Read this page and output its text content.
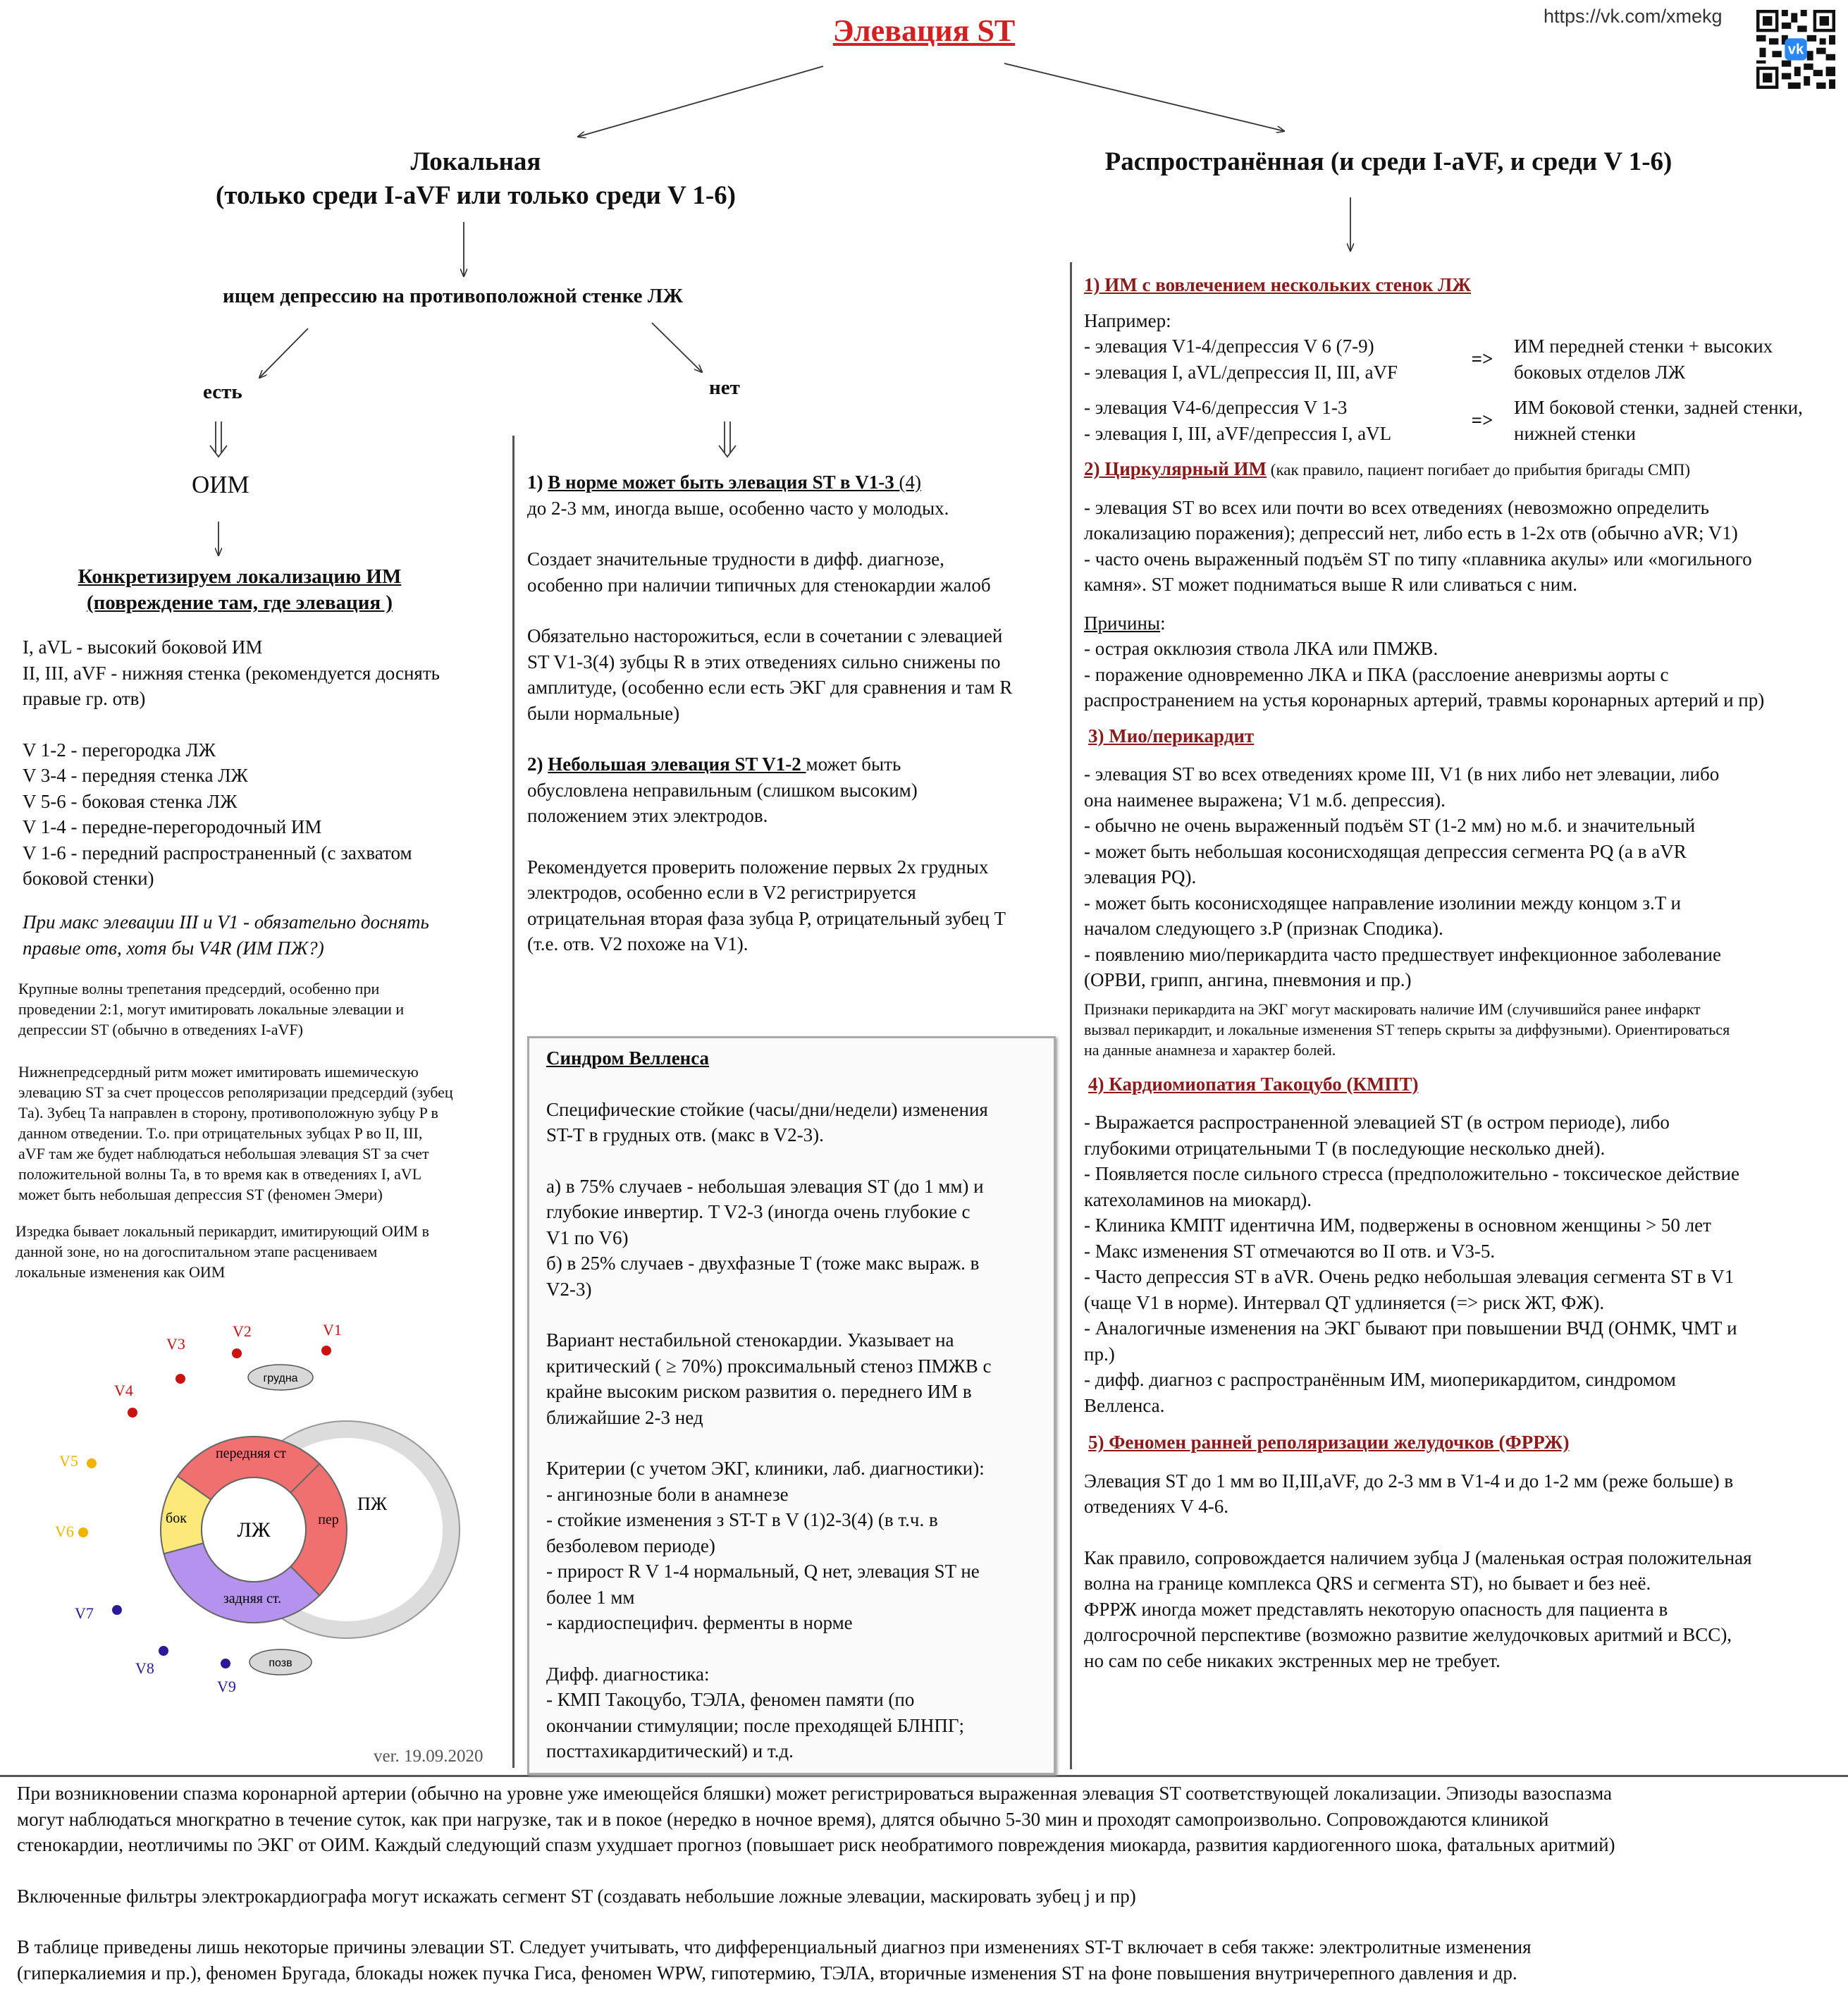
Элевация ST	https://vk.com/xmekg
vk
Локальная
(только среди I-aVF или только среди V 1-6)
ищем депрессию на противоположной стенке ЛЖ
есть	нет
ОИМ
Конкретизируем локализацию ИМ
(повреждение там, где элевация )
I, aVL - высокий боковой ИМ
II, III, aVF - нижняя стенка (рекомендуется доснять
правые гр. отв)
V 1-2 - перегородка ЛЖ
V 3-4 - передняя стенка ЛЖ
V 5-6 - боковая стенка ЛЖ
V 1-4 - передне-перегородочный ИМ
V 1-6 - передний распространенный (с захватом
боковой стенки)
При макс элевации III и V1 - обязательно доснять
правые отв, хотя бы V4R (ИМ ПЖ?)
Крупные волны трепетания предсердий, особенно при
проведении 2:1, могут имитировать локальные элевации и
депрессии ST (обычно в отведениях I-aVF)
Нижнепредсердный ритм может имитировать ишемическую
элевацию ST за счет процессов реполяризации предсердий (зубец
Та). Зубец Та направлен в сторону, противоположную зубцу P в
данном отведении. Т.о. при отрицательных зубцах P во II, III,
aVF там же будет наблюдаться небольшая элевация ST за счет
положительной волны Та, в то время как в отведениях I, aVL
может быть небольшая депрессия ST (феномен Эмери)
Изредка бывает локальный перикардит, имитирующий ОИМ в
данной зоне, но на догоспитальном этапе расцениваем
локальные изменения как ОИМ
ЛЖ
ПЖ
передняя ст
бок	пер
задняя ст.
грудна
позв
V1
V2
V3
V4
V5
V6
V7
V8
V9
1) В норме может быть элевация ST в V1-3 (4)
до 2-3 мм, иногда выше, особенно часто у молодых.
Создает значительные трудности в дифф. диагнозе,
особенно при наличии типичных для стенокардии жалоб
Обязательно насторожиться, если в сочетании с элевацией
ST V1-3(4) зубцы R в этих отведениях сильно снижены по
амплитуде, (особенно если есть ЭКГ для сравнения и там R
были нормальные)
2) Небольшая элевация ST V1-2 может быть
обусловлена неправильным (слишком высоким)
положением этих электродов.
Рекомендуется проверить положение первых 2х грудных
электродов, особенно если в V2 регистрируется
отрицательная вторая фаза зубца P, отрицательный зубец T
(т.е. отв. V2 похоже на V1).
Синдром Велленса
Специфические стойкие (часы/дни/недели) изменения
ST-T в грудных отв. (макс в V2-3).
а) в 75% случаев - небольшая элевация ST (до 1 мм) и
глубокие инвертир. T V2-3 (иногда очень глубокие с
V1 по V6)
б) в 25% случаев - двухфазные T (тоже макс выраж. в
V2-3)
Вариант нестабильной стенокардии. Указывает на
критический ( ≥ 70%) проксимальный стеноз ПМЖВ с
крайне высоким риском развития о. переднего ИМ в
ближайшие 2-3 нед
Критерии (с учетом ЭКГ, клиники, лаб. диагностики):
- ангинозные боли в анамнезе
- стойкие изменения з ST-T в V (1)2-3(4) (в т.ч. в
безболевом периоде)
- прирост R V 1-4 нормальный, Q нет, элевация ST не
более 1 мм
- кардиоспецифич. ферменты в норме
Дифф. диагностика:
- КМП Такоцубо, ТЭЛА, феномен памяти (по
окончании стимуляции; после преходящей БЛНПГ;
посттахикардитический) и т.д.
ver. 19.09.2020
Распространённая (и среди I-aVF, и среди V 1-6)
1) ИМ с вовлечением нескольких стенок ЛЖ
Например:
- элевация V1-4/депрессия V 6 (7-9)
- элевация I, aVL/депрессия II, III, aVF
=>
ИМ передней стенки + высоких
боковых отделов ЛЖ
- элевация V4-6/депрессия V 1-3
- элевация I, III, aVF/депрессия I, aVL
=>
ИМ боковой стенки, задней стенки,
нижней стенки
2) Циркулярный ИМ (как правило, пациент погибает до прибытия бригады СМП)
- элевация ST во всех или почти во всех отведениях (невозможно определить
локализацию поражения); депрессий нет, либо есть в 1-2х отв (обычно aVR; V1)
- часто очень выраженный подъём ST по типу «плавника акулы» или «могильного
камня». ST может подниматься выше R или сливаться с ним.
Причины:
- острая окклюзия ствола ЛКА или ПМЖВ.
- поражение одновременно ЛКА и ПКА (расслоение аневризмы аорты с
распространением на устья коронарных артерий, травмы коронарных артерий и пр)
3) Мио/перикардит
- элевация ST во всех отведениях кроме III, V1 (в них либо нет элевации, либо
она наименее выражена; V1 м.б. депрессия).
- обычно не очень выраженный подъём ST (1-2 мм) но м.б. и значительный
- может быть небольшая косонисходящая депрессия сегмента PQ (а в aVR
элевация PQ).
- может быть косонисходящее направление изолинии между концом з.T и
началом следующего з.P (признак Сподика).
- появлению мио/перикардита часто предшествует инфекционное заболевание
(ОРВИ, грипп, ангина, пневмония и пр.)
Признаки перикардита на ЭКГ могут маскировать наличие ИМ (случившийся ранее инфаркт
вызвал перикардит, и локальные изменения ST теперь скрыты за диффузными). Ориентироваться
на данные анамнеза и характер болей.
4) Кардиомиопатия Такоцубо (КМПТ)
- Выражается распространенной элевацией ST (в остром периоде), либо
глубокими отрицательными T (в последующие несколько дней).
- Появляется после сильного стресса (предположительно - токсическое действие
катехоламинов на миокард).
- Клиника КМПТ идентична ИМ, подвержены в основном женщины > 50 лет
- Макс изменения ST отмечаются во II отв. и V3-5.
- Часто депрессия ST в aVR. Очень редко небольшая элевация сегмента ST в V1
(чаще V1 в норме). Интервал QT удлиняется (=> риск ЖТ, ФЖ).
- Аналогичные изменения на ЭКГ бывают при повышении ВЧД (ОНМК, ЧМТ и
пр.)
- дифф. диагноз с распространённым ИМ, миоперикардитом, синдромом
Велленса.
5) Феномен ранней реполяризации желудочков (ФРРЖ)
Элевация ST до 1 мм во II,III,aVF, до 2-3 мм в V1-4 и до 1-2 мм (реже больше) в
отведениях V 4-6.
Как правило, сопровождается наличием зубца J (маленькая острая положительная
волна на границе комплекса QRS и сегмента ST), но бывает и без неё.
ФРРЖ иногда может представлять некоторую опасность для пациента в
долгосрочной перспективе (возможно развитие желудочковых аритмий и ВСС),
но сам по себе никаких экстренных мер не требует.
При возникновении спазма коронарной артерии (обычно на уровне уже имеющейся бляшки) может регистрироваться выраженная элевация ST соответствующей локализации. Эпизоды вазоспазма
могут наблюдаться многкратно в течение суток, как при нагрузке, так и в покое (нередко в ночное время), длятся обычно 5-30 мин и проходят самопроизвольно. Сопровождаются клиникой
стенокардии, неотличимы по ЭКГ от ОИМ. Каждый следующий спазм ухудшает прогноз (повышает риск необратимого повреждения миокарда, развития кардиогенного шока, фатальных аритмий)
Включенные фильтры электрокардиографа могут искажать сегмент ST (создавать небольшие ложные элевации, маскировать зубец j и пр)
В таблице приведены лишь некоторые причины элевации ST. Следует учитывать, что дифференциальный диагноз при изменениях ST-T включает в себя также: электролитные изменения
(гиперкалиемия и пр.), феномен Бругада, блокады ножек пучка Гиса, феномен WPW, гипотермию, ТЭЛА, вторичные изменения ST на фоне повышения внутричерепного давления и др.
